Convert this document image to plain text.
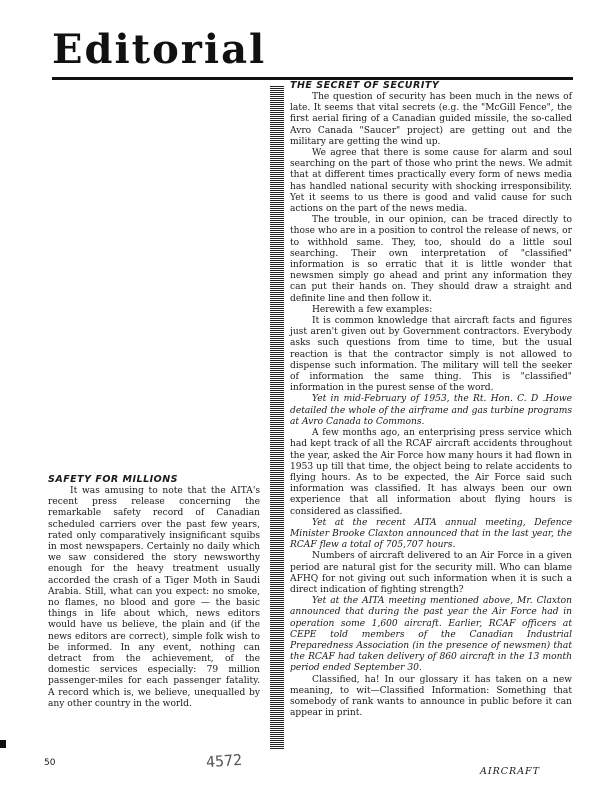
Editorial
SAFETY FOR MILLIONS

It was amusing to note that the AITA's recent press release concerning the remarkable safety record of Canadian scheduled carriers over the past few years, rated only comparatively insignificant squibs in most newspapers. Certainly no daily which we saw considered the story newsworthy enough for the heavy treatment usually accorded the crash of a Tiger Moth in Saudi Arabia. Still, what can you expect: no smoke, no flames, no blood and gore — the basic things in life about which, news editors would have us believe, the plain and (if the news editors are correct), simple folk wish to be informed. In any event, nothing can detract from the achievement, of the domestic services especially: 79 million passenger-miles for each passenger fatality. A record which is, we believe, unequalled by any other country in the world.

THE SECRET OF SECURITY

The question of security has been much in the news of late. It seems that vital secrets (e.g. the "McGill Fence", the first aerial firing of a Canadian guided missile, the so-called Avro Canada "Saucer" project) are getting out and the military are getting the wind up.

We agree that there is some cause for alarm and soul searching on the part of those who print the news. We admit that at different times practically every form of news media has handled national security with shocking irresponsibility. Yet it seems to us there is good and valid cause for such actions on the part of the news media.

The trouble, in our opinion, can be traced directly to those who are in a position to control the release of news, or to withhold same. They, too, should do a little soul searching. Their own interpretation of "classified" information is so erratic that it is little wonder that newsmen simply go ahead and print any information they can put their hands on. They should draw a straight and definite line and then follow it.

Herewith a few examples:

It is common knowledge that aircraft facts and figures just aren't given out by Government contractors. Everybody asks such questions from time to time, but the usual reaction is that the contractor simply is not allowed to dispense such information. The military will tell the seeker of information the same thing. This is "classified" information in the purest sense of the word.

Yet in mid-February of 1953, the Rt. Hon. C. D .Howe detailed the whole of the airframe and gas turbine programs at Avro Canada to Commons.

A few months ago, an enterprising press service which had kept track of all the RCAF aircraft accidents throughout the year, asked the Air Force how many hours it had flown in 1953 up till that time, the object being to relate accidents to flying hours. As to be expected, the Air Force said such information was classified. It has always been our own experience that all information about flying hours is considered as classified.

Yet at the recent AITA annual meeting, Defence Minister Brooke Claxton announced that in the last year, the RCAF flew a total of 705,707 hours.

Numbers of aircraft delivered to an Air Force in a given period are natural gist for the security mill. Who can blame AFHQ for not giving out such information when it is such a direct indication of fighting strength?

Yet at the AITA meeting mentioned above, Mr. Claxton announced that during the past year the Air Force had in operation some 1,600 aircraft. Earlier, RCAF officers at CEPE told members of the Canadian Industrial Preparedness Association (in the presence of newsmen) that the RCAF had taken delivery of 860 aircraft in the 13 month period ended September 30.

Classified, ha! In our glossary it has taken on a new meaning, to wit—Classified Information: Something that somebody of rank wants to announce in public before it can appear in print.

50	4572
AIRCRAFT
